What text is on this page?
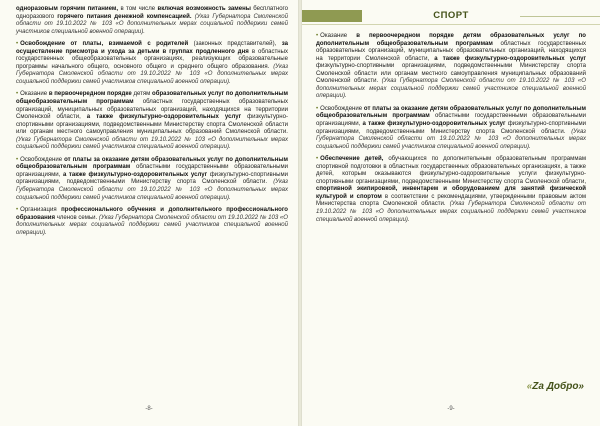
одноразовым горячим питанием, в том числе включая возможность замены бесплатного одноразового горячего питания денежной компенсацией. (Указ Губернатора Смоленской области от 19.10.2022 № 103 «О дополнительных мерах социальной поддержки семей участников специальной военной операции).

• Освобождение от платы, взимаемой с родителей (законных представителей), за осуществление присмотра и ухода за детьми в группах продленного дня в областных государственных общеобразовательных организациях, реализующих образовательные программы начального общего, основного общего и среднего общего образования. (Указ Губернатора Смоленской области от 19.10.2022 № 103 «О дополнительных мерах социальной поддержки семей участников специальной военной операции).

• Оказание в первоочередном порядке детям образовательных услуг по дополнительным общеобразовательным программам областных государственных образовательных организаций, муниципальных образовательных организаций, находящихся на территории Смоленской области, а также физкультурно-оздоровительных услуг физкультурно-спортивными организациями, подведомственными Министерству спорта Смоленской области или органам местного самоуправления муниципальных образований Смоленской области. (Указ Губернатора Смоленской области от 19.10.2022 № 103 «О дополнительных мерах социальной поддержки семей участников специальной военной операции).

• Освобождение от платы за оказание детям образовательных услуг по дополнительным общеобразовательным программам областными государственными образовательными организациями, а также физкультурно-оздоровительных услуг физкультурно-спортивными организациями, подведомственными Министерству спорта Смоленской области. (Указ Губернатора Смоленской области от 19.10.2022 № 103 «О дополнительных мерах социальной поддержки семей участников специальной военной операции).

• Организация профессионального обучения и дополнительного профессионального образования членов семьи. (Указ Губернатора Смоленской области от 19.10.2022 № 103 «О дополнительных мерах социальной поддержки семей участников специальной военной операции).

-8-
СПОРТ

• Оказание в первоочередном порядке детям образовательных услуг по дополнительным общеобразовательным программам областных государственных образовательных организаций, муниципальных образовательных организаций, находящихся на территории Смоленской области, а также физкультурно-оздоровительных услуг физкультурно-спортивными организациями, подведомственными Министерству спорта Смоленской области или органам местного самоуправления муниципальных образований Смоленской области. (Указ Губернатора Смоленской области от 19.10.2022 № 103 «О дополнительных мерах социальной поддержки семей участников специальной военной операции).

• Освобождение от платы за оказание детям образовательных услуг по дополнительным общеобразовательным программам областными государственными образовательными организациями, а также физкультурно-оздоровительных услуг физкультурно-спортивными организациями, подведомственными Министерству спорта Смоленской области. (Указ Губернатора Смоленской области от 19.10.2022 № 103 «О дополнительных мерах социальной поддержки семей участников специальной военной операции).

• Обеспечение детей, обучающихся по дополнительным образовательным программам спортивной подготовки в областных государственных образовательных организациях, а также детей, которым оказываются физкультурно-оздоровительные услуги физкультурно-спортивными организациями, подведомственными Министерству спорта Смоленской области, спортивной экипировкой, инвентарем и оборудованием для занятий физической культурой и спортом в соответствии с рекомендациями, утвержденными правовым актом Министерства спорта Смоленской области. (Указ Губернатора Смоленской области от 19.10.2022 № 103 «О дополнительных мерах социальной поддержки семей участников специальной военной операции).

-9-
«Za Добро»
